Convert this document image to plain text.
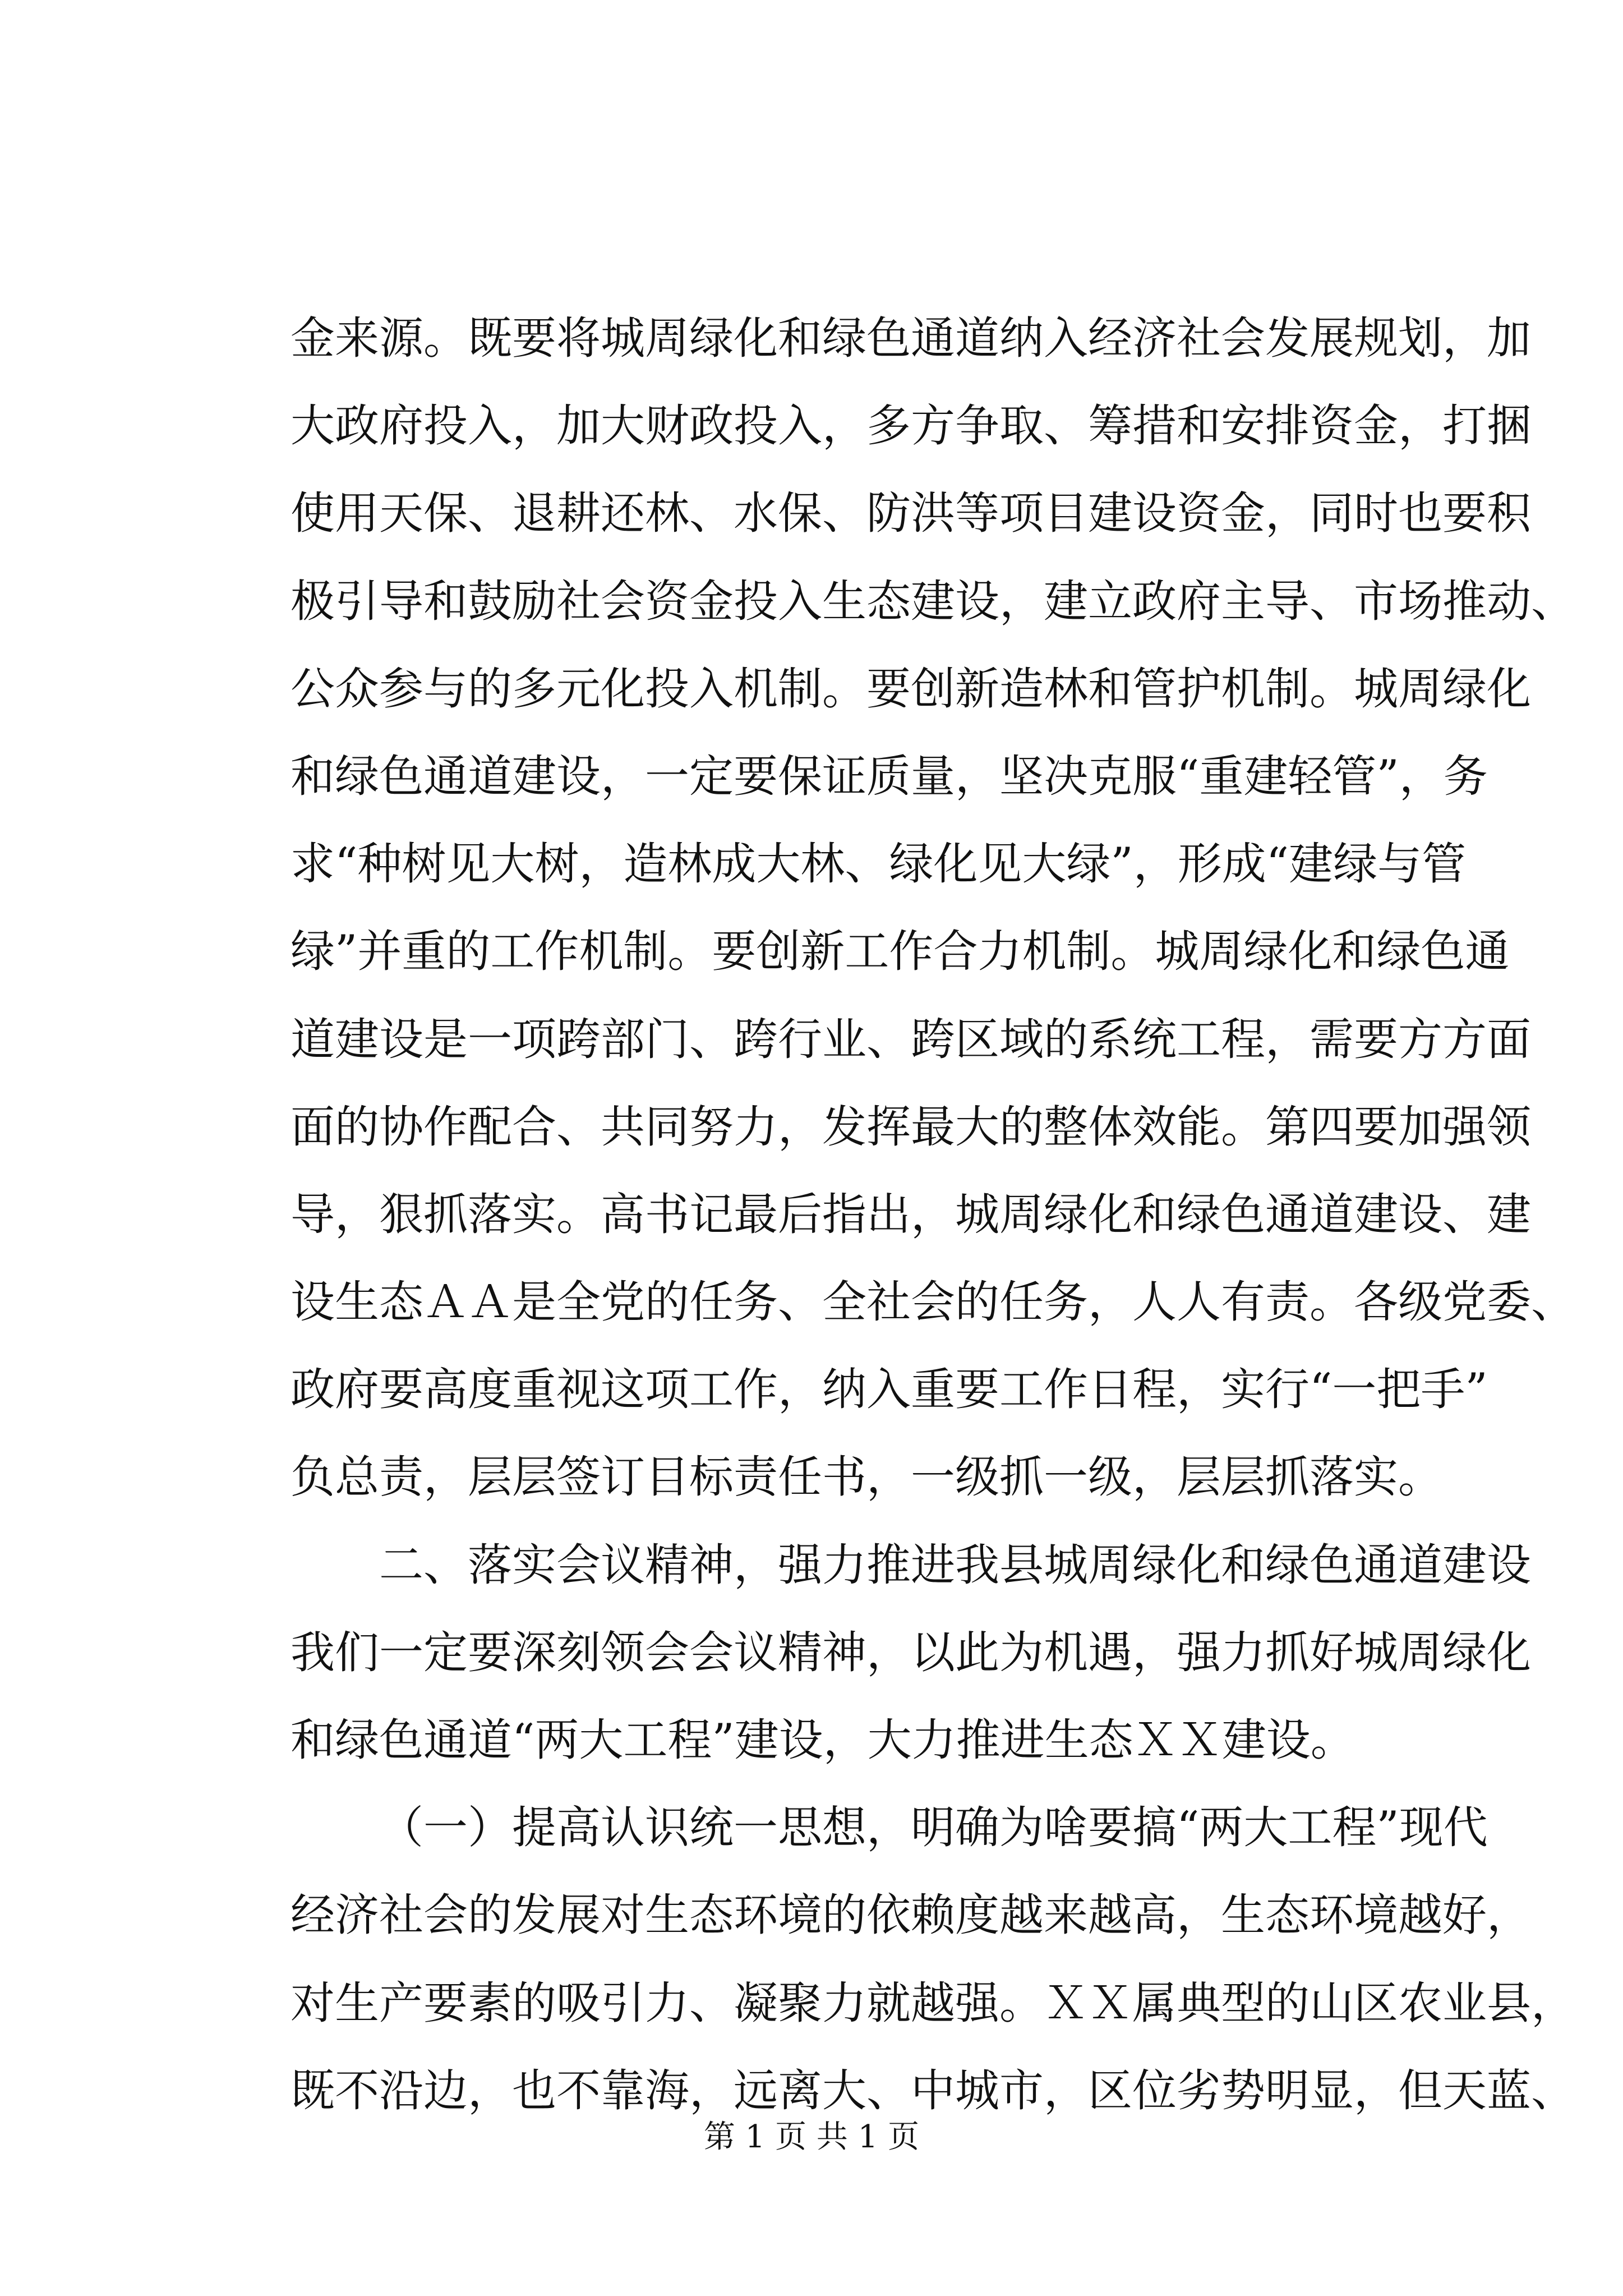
金来源。既要将城周绿化和绿色通道纳入经济社会发展规划，加
大政府投入，加大财政投入，多方争取、筹措和安排资金，打捆
使用天保、退耕还林、水保、防洪等项目建设资金，同时也要积
极引导和鼓励社会资金投入生态建设，建立政府主导、市场推动、
公众参与的多元化投入机制。要创新造林和管护机制。城周绿化
和绿色通道建设，一定要保证质量，坚决克服“重建轻管”，务
求“种树见大树，造林成大林、绿化见大绿”，形成“建绿与管
绿”并重的工作机制。要创新工作合力机制。城周绿化和绿色通
道建设是一项跨部门、跨行业、跨区域的系统工程，需要方方面
面的协作配合、共同努力，发挥最大的整体效能。第四要加强领
导，狠抓落实。高书记最后指出，城周绿化和绿色通道建设、建
设生态ＡＡ是全党的任务、全社会的任务，人人有责。各级党委、
政府要高度重视这项工作，纳入重要工作日程，实行“一把手”
负总责，层层签订目标责任书，一级抓一级，层层抓落实。
二、落实会议精神，强力推进我县城周绿化和绿色通道建设
我们一定要深刻领会会议精神，以此为机遇，强力抓好城周绿化
和绿色通道“两大工程”建设，大力推进生态ＸＸ建设。
（一）提高认识统一思想，明确为啥要搞“两大工程”现代
经济社会的发展对生态环境的依赖度越来越高，生态环境越好，
对生产要素的吸引力、凝聚力就越强。ＸＸ属典型的山区农业县，
既不沿边，也不靠海，远离大、中城市，区位劣势明显，但天蓝、
第 1 页 共 1 页
